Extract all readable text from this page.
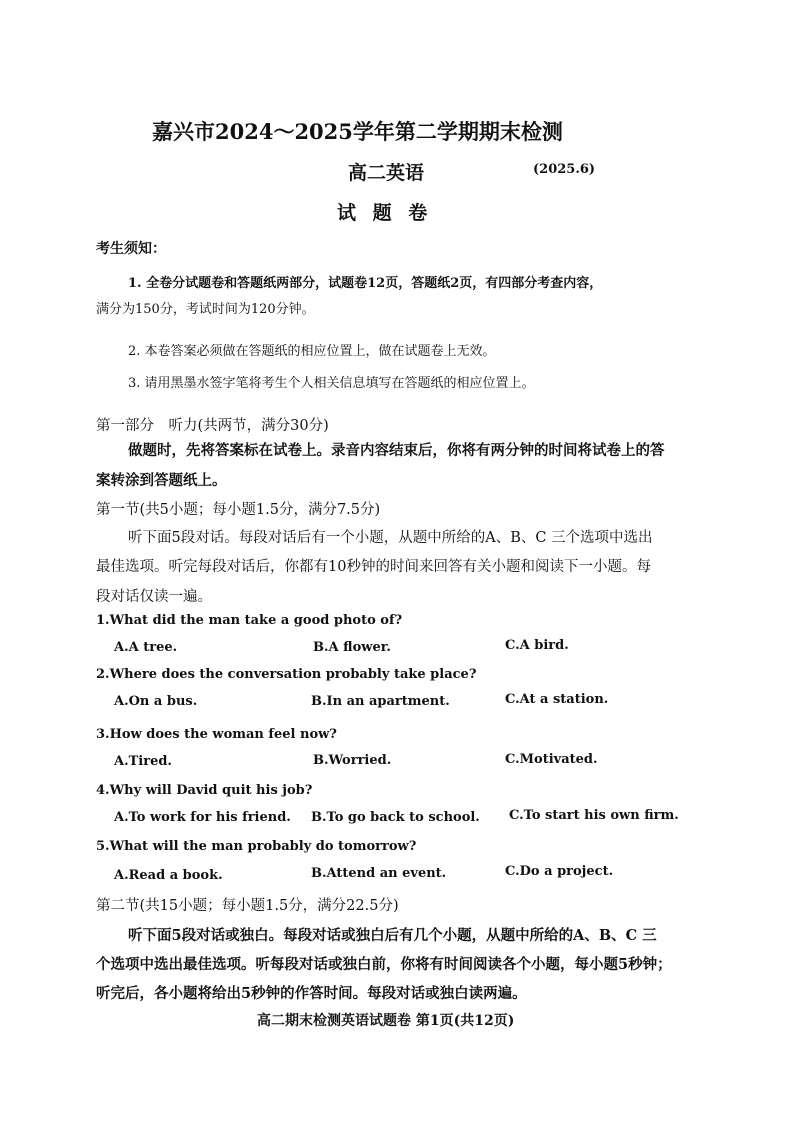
嘉兴市2024～2025学年第二学期期末检测
高二英语	(2025.6)
试 题 卷
考生须知：
1. 全卷分试题卷和答题纸两部分，试题卷12页，答题纸2页，有四部分考查内容，
满分为150分，考试时间为120分钟。
2. 本卷答案必须做在答题纸的相应位置上，做在试题卷上无效。
3. 请用黑墨水签字笔将考生个人相关信息填写在答题纸的相应位置上。
第一部分　听力(共两节，满分30分)
做题时，先将答案标在试卷上。录音内容结束后，你将有两分钟的时间将试卷上的答
案转涂到答题纸上。
第一节(共5小题；每小题1.5分，满分7.5分)
听下面5段对话。每段对话后有一个小题，从题中所给的A、B、C 三个选项中选出
最佳选项。听完每段对话后，你都有10秒钟的时间来回答有关小题和阅读下一小题。每
段对话仅读一遍。
1.What did the man take a good photo of?
A.A tree.	B.A flower.	C.A bird.
2.Where does the conversation probably take place?
A.On a bus.	B.In an apartment.	C.At a station.
3.How does the woman feel now?
A.Tired.	B.Worried.	C.Motivated.
4.Why will David quit his job?
A.To work for his friend. B.To go back to school. C.To start his own firm.
5.What will the man probably do tomorrow?
A.Read a book.	B.Attend an event.	C.Do a project.
第二节(共15小题；每小题1.5分，满分22.5分)
听下面5段对话或独白。每段对话或独白后有几个小题，从题中所给的A、B、C 三
个选项中选出最佳选项。听每段对话或独白前，你将有时间阅读各个小题，每小题5秒钟；
听完后，各小题将给出5秒钟的作答时间。每段对话或独白读两遍。
高二期末检测英语试题卷 第1页(共12页)
